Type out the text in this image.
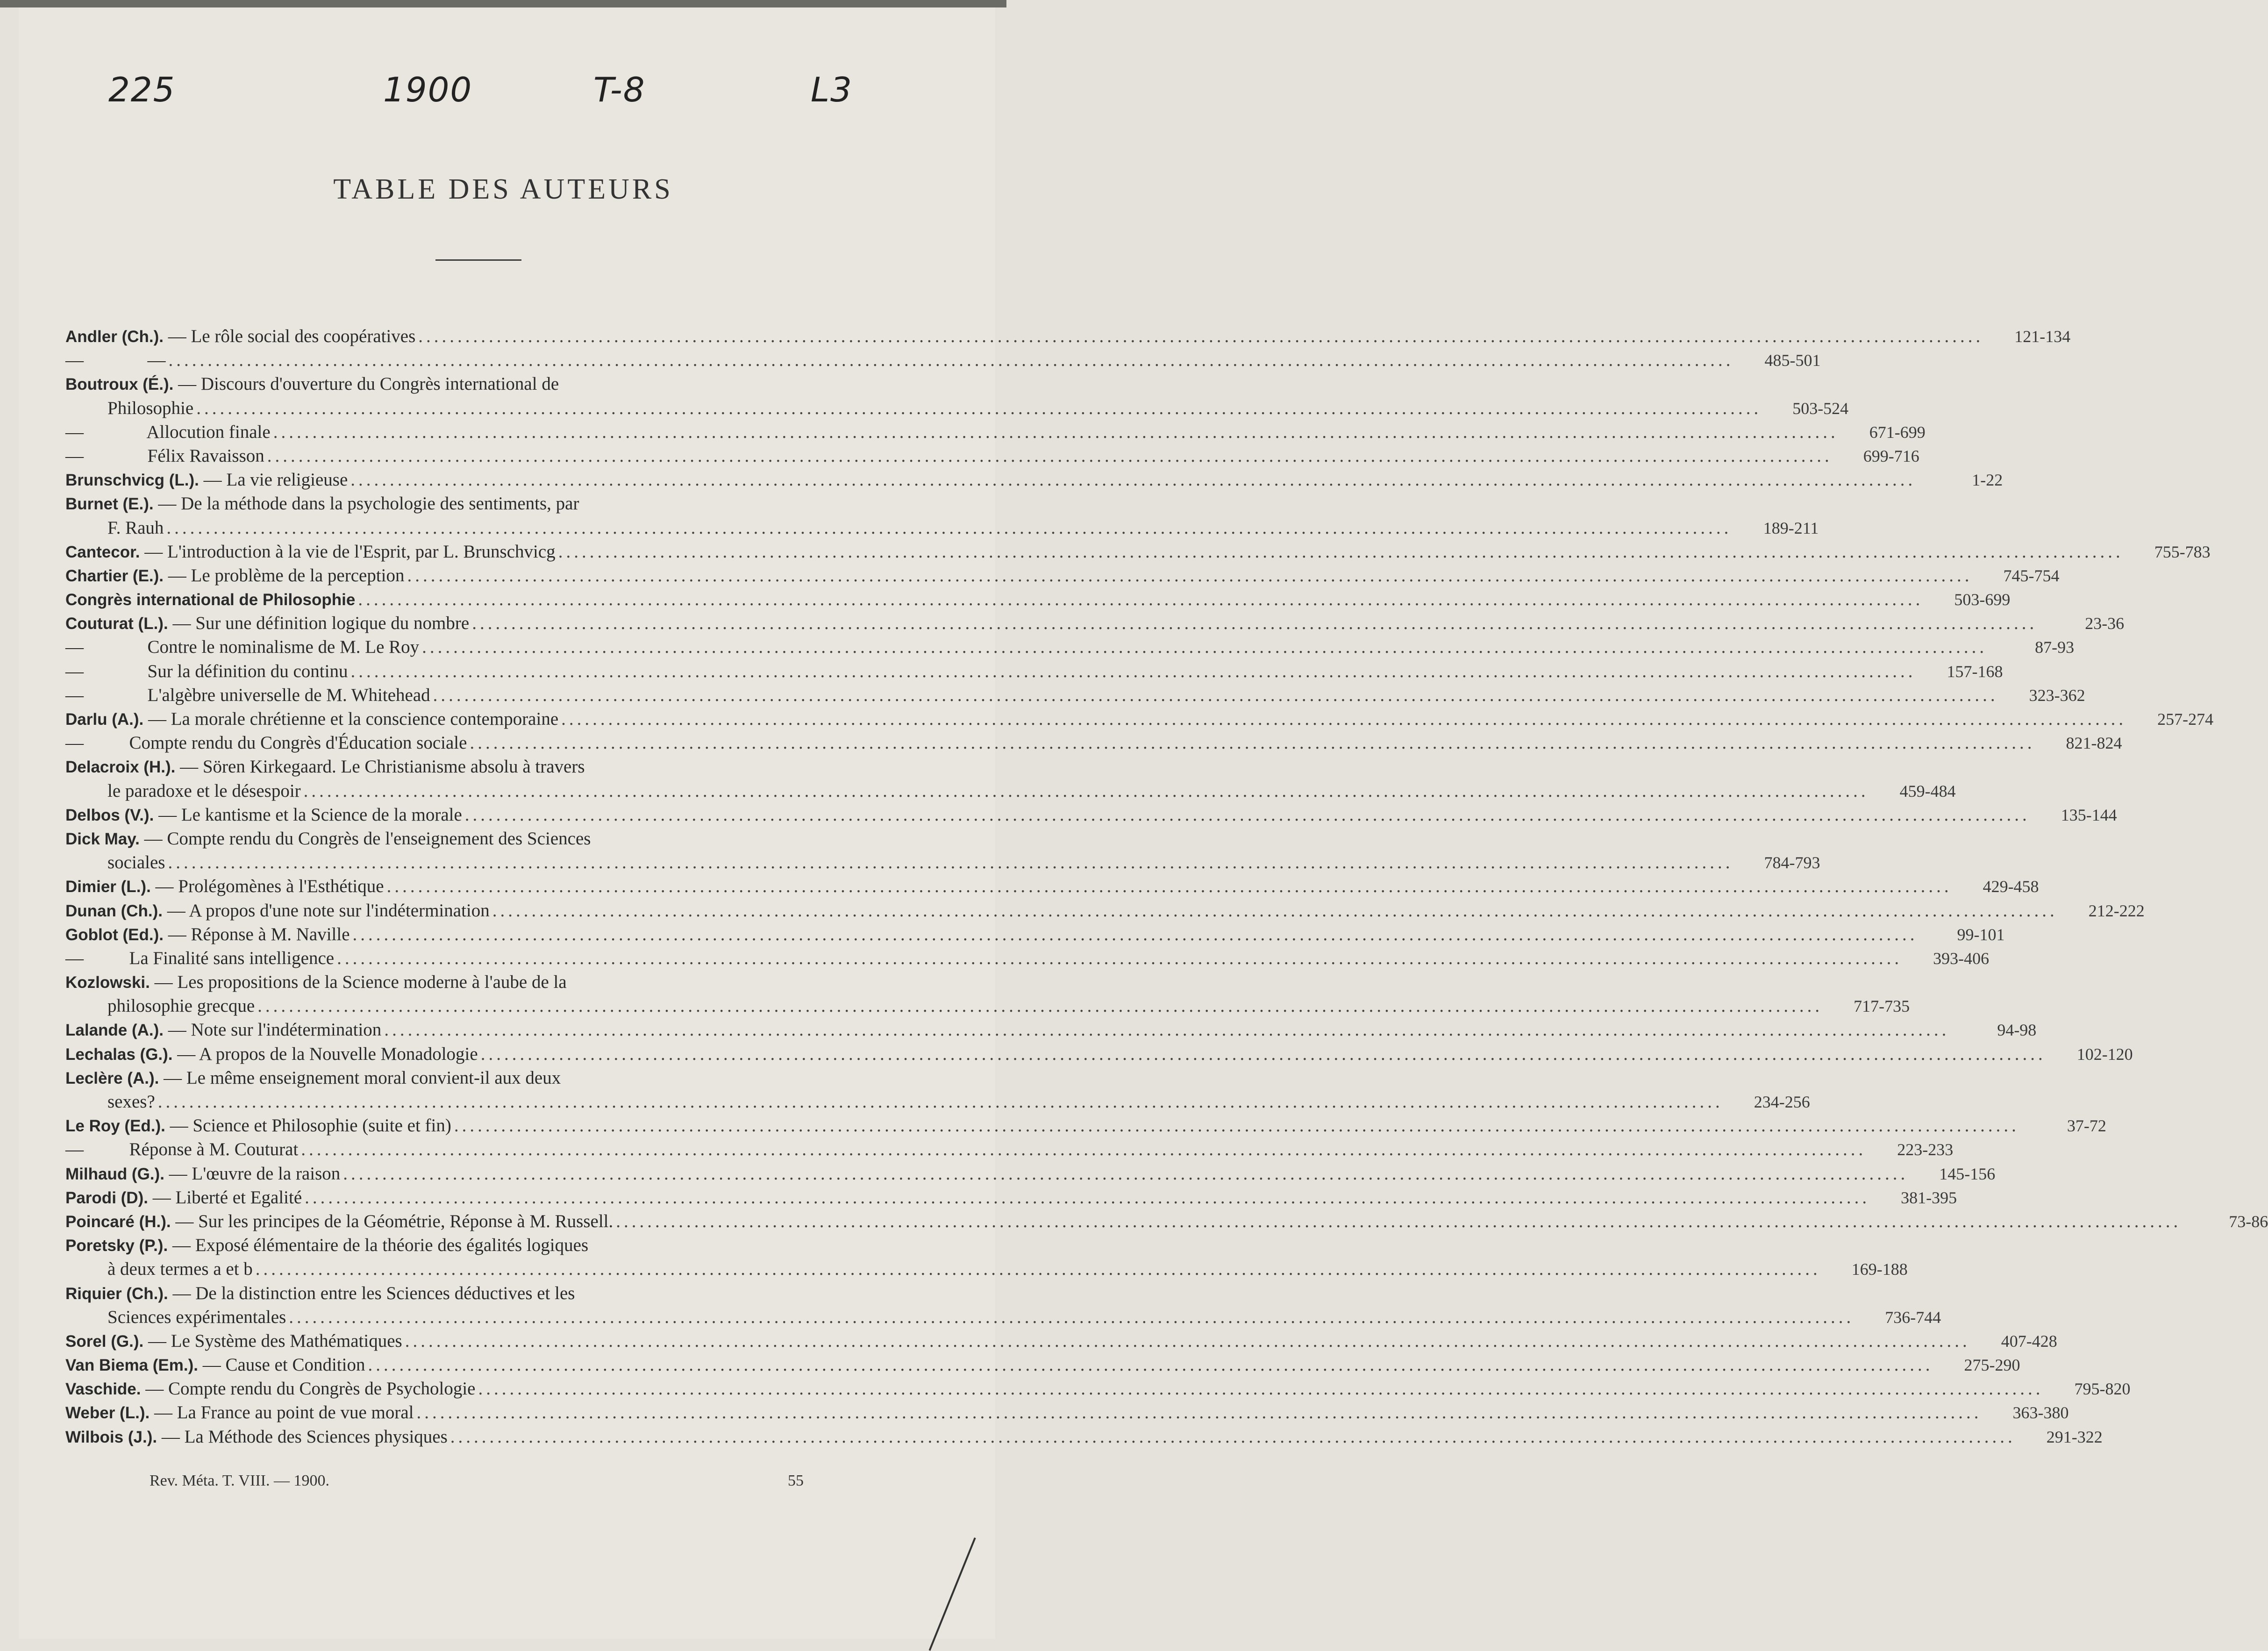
225	1900	T-8	L3
TABLE DES AUTEURS
Andler (Ch.). — Le rôle social des coopératives ........................................................................................................................................................................................................	121-134
—              — ........................................................................................................................................................................................................	485-501
Boutroux (É.). — Discours d'ouverture du Congrès international de
Philosophie ........................................................................................................................................................................................................	503-524
—              Allocution finale ........................................................................................................................................................................................................	671-699
—              Félix Ravaisson ........................................................................................................................................................................................................	699-716
Brunschvicg (L.). — La vie religieuse ........................................................................................................................................................................................................	1-22
Burnet (E.). — De la méthode dans la psychologie des sentiments, par
F. Rauh ........................................................................................................................................................................................................	189-211
Cantecor. — L'introduction à la vie de l'Esprit, par L. Brunschvicg ........................................................................................................................................................................................................	755-783
Chartier (E.). — Le problème de la perception ........................................................................................................................................................................................................	745-754
Congrès international de Philosophie ........................................................................................................................................................................................................	503-699
Couturat (L.). — Sur une définition logique du nombre ........................................................................................................................................................................................................	23-36
—              Contre le nominalisme de M. Le Roy ........................................................................................................................................................................................................	87-93
—              Sur la définition du continu ........................................................................................................................................................................................................	157-168
—              L'algèbre universelle de M. Whitehead ........................................................................................................................................................................................................	323-362
Darlu (A.). — La morale chrétienne et la conscience contemporaine ........................................................................................................................................................................................................	257-274
—          Compte rendu du Congrès d'Éducation sociale ........................................................................................................................................................................................................	821-824
Delacroix (H.). — Sören Kirkegaard. Le Christianisme absolu à travers
le paradoxe et le désespoir ........................................................................................................................................................................................................	459-484
Delbos (V.). — Le kantisme et la Science de la morale ........................................................................................................................................................................................................	135-144
Dick May. — Compte rendu du Congrès de l'enseignement des Sciences
sociales ........................................................................................................................................................................................................	784-793
Dimier (L.). — Prolégomènes à l'Esthétique ........................................................................................................................................................................................................	429-458
Dunan (Ch.). — A propos d'une note sur l'indétermination ........................................................................................................................................................................................................	212-222
Goblot (Ed.). — Réponse à M. Naville ........................................................................................................................................................................................................	99-101
—          La Finalité sans intelligence ........................................................................................................................................................................................................	393-406
Kozlowski. — Les propositions de la Science moderne à l'aube de la
philosophie grecque ........................................................................................................................................................................................................	717-735
Lalande (A.). — Note sur l'indétermination ........................................................................................................................................................................................................	94-98
Lechalas (G.). — A propos de la Nouvelle Monadologie ........................................................................................................................................................................................................	102-120
Leclère (A.). — Le même enseignement moral convient-il aux deux
sexes? ........................................................................................................................................................................................................	234-256
Le Roy (Ed.). — Science et Philosophie (suite et fin) ........................................................................................................................................................................................................	37-72
—          Réponse à M. Couturat ........................................................................................................................................................................................................	223-233
Milhaud (G.). — L'œuvre de la raison ........................................................................................................................................................................................................	145-156
Parodi (D). — Liberté et Egalité ........................................................................................................................................................................................................	381-395
Poincaré (H.). — Sur les principes de la Géométrie, Réponse à M. Russell. ........................................................................................................................................................................................................	73-86
Poretsky (P.). — Exposé élémentaire de la théorie des égalités logiques
à deux termes a et b ........................................................................................................................................................................................................	169-188
Riquier (Ch.). — De la distinction entre les Sciences déductives et les
Sciences expérimentales ........................................................................................................................................................................................................	736-744
Sorel (G.). — Le Système des Mathématiques ........................................................................................................................................................................................................	407-428
Van Biema (Em.). — Cause et Condition ........................................................................................................................................................................................................	275-290
Vaschide. — Compte rendu du Congrès de Psychologie ........................................................................................................................................................................................................	795-820
Weber (L.). — La France au point de vue moral ........................................................................................................................................................................................................	363-380
Wilbois (J.). — La Méthode des Sciences physiques ........................................................................................................................................................................................................	291-322
Rev. Méta. T. VIII. — 1900.	55
